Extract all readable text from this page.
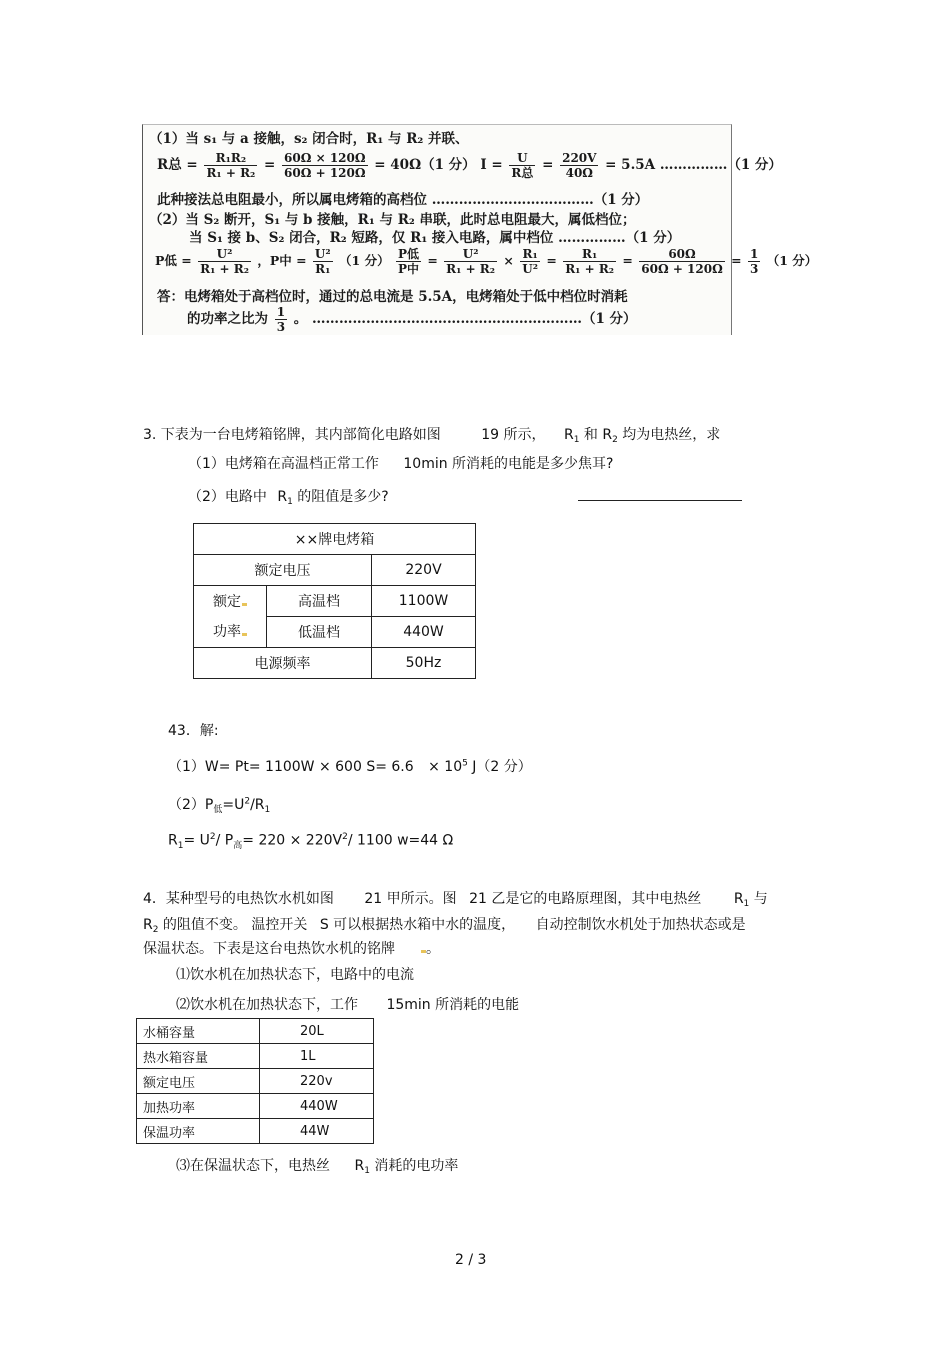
（1）当 s₁ 与 a 接触，s₂ 闭合时，R₁ 与 R₂ 并联、
R总 = $\frac{\text{R₁R₂}}{\text{R₁ + R₂}} = \frac{60\Omega \times 120\Omega}{60\Omega + 120\Omega} = 40\Omega(1$ 分） $I = \frac{U}{\text{R总}} = \frac{220V}{40\Omega} = 5.5A$ ……………（1 分）
此种接法总电阻最小，所以属电烤箱的高档位 ………………………………（1 分）
（2）当 S₂ 断开，S₁ 与 b 接触，R₁ 与 R₂ 串联，此时总电阻最大，属低档位；
当 S₁ 接 b、S₂ 闭合，R₂ 短路，仅 R₁ 接入电路，属中档位 ……………（1 分）
P低 = $\frac{\text{U²}}{\text{R₁ + R₂}}$ ，P中 = $\frac{\text{U²}}{\text{R₁}} (1$ 分） $\frac{\text{P低}}{\text{P中}} = \frac{\text{U²}}{\text{R₁ + R₂}} \times \frac{\text{R₁}}{\text{U²}} = \frac{\text{R₁}}{\text{R₁ + R₂}} = \frac{60\Omega}{60\Omega + 120\Omega} = \frac{1}{3} (1$ 分）
答：电烤箱处于高档位时，通过的总电流是 5.5A，电烤箱处于低中档位时消耗
的功率之比为 $\frac{1}{3}$ 。 ……………………………………………………（1 分）
3. 下表为一台电烤箱铭牌，其内部简化电路如图	19 所示， $R_1$ 和 $R_2$ 均为电热丝，求
（1）电烤箱在高温档正常工作 10min 所消耗的电能是多少焦耳?
（2）电路中 $R_1$ 的阻值是多少?
××牌电烤箱		
额定电压		220V

额定
功率	高温档	1100W
	低温档	440W
电源频率		50Hz
43．解:
（1）W= Pt= 1100W × 600 $S= 6.6 \times 10^5$ J（2 分）
$(2)P_低=U^2/R_1$
$R_1= U^2/$ $P_高= 220 \times 220V^2/$ 1100 w=44 Ω
4．某种型号的电热饮水机如图 21 甲所示。图 21 乙是它的电路原理图，其中电热丝 $R_1$ 与
$R_2$ 的阻值不变。 温控开关 S 可以根据热水箱中水的温度， 自动控制饮水机处于加热状态或是
保温状态。下表是这台电热饮水机的铭牌 。
⑴饮水机在加热状态下，电路中的电流
⑵饮水机在加热状态下，工作 15min 所消耗的电能
水桶容量	20L
热水箱容量	1L
额定电压	220v
加热功率	440W
保温功率	44W
⑶在保温状态下，电热丝 $R_1$ 消耗的电功率
2 / 3
